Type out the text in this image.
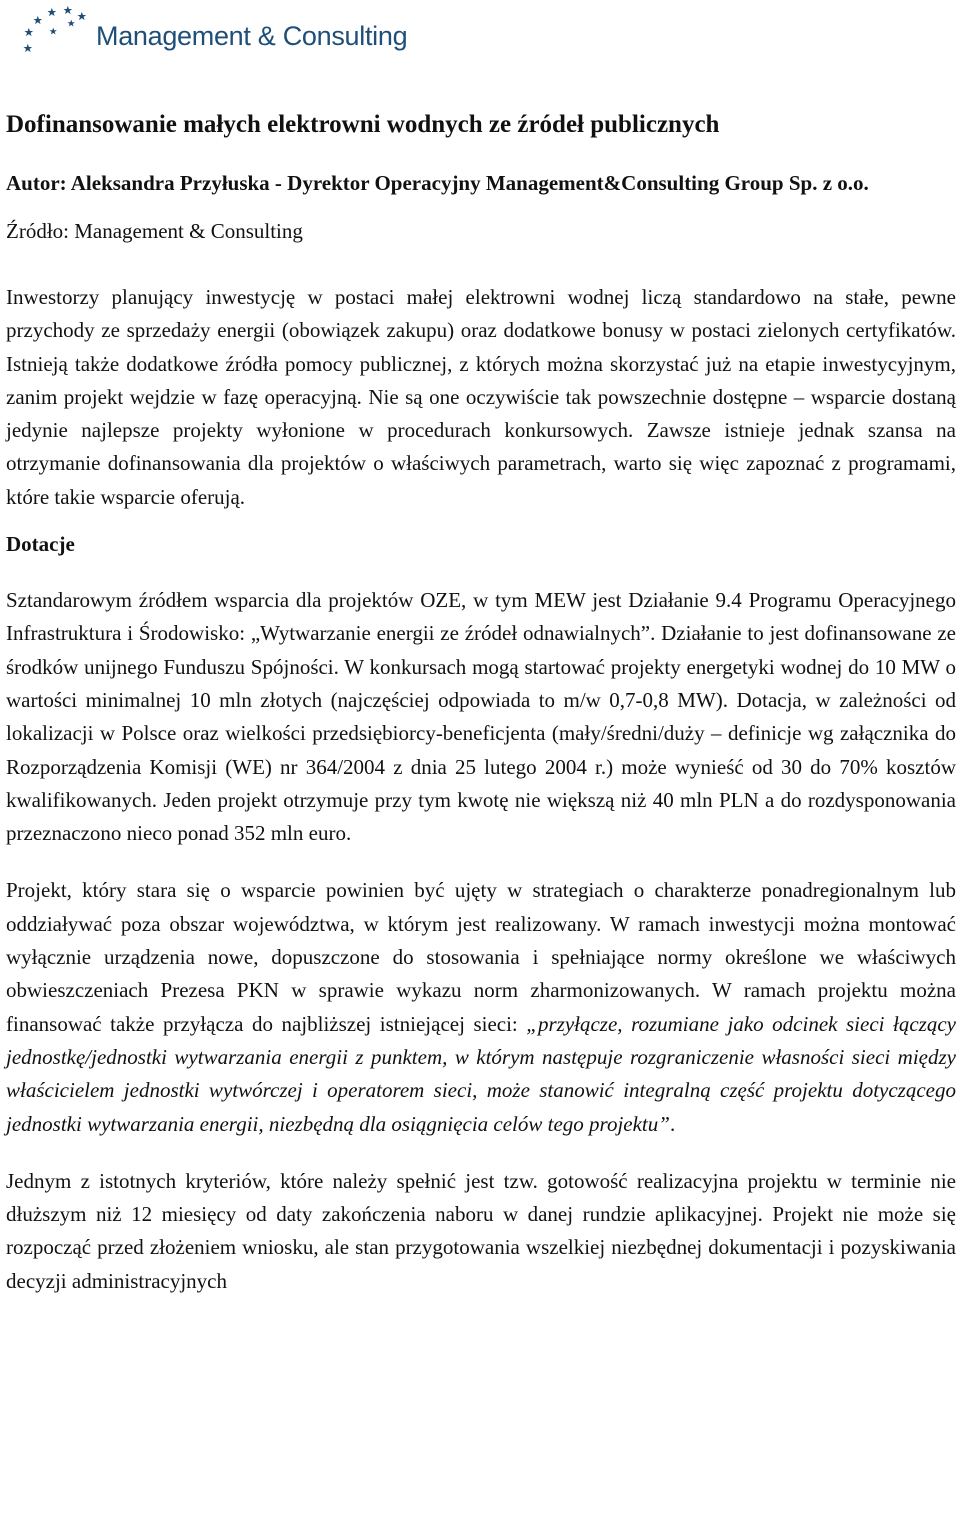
Management & Consulting
Dofinansowanie małych elektrowni wodnych ze źródeł publicznych
Autor: Aleksandra Przyłuska - Dyrektor Operacyjny Management&Consulting Group Sp. z o.o.
Źródło: Management & Consulting

Inwestorzy planujący inwestycję w postaci małej elektrowni wodnej liczą standardowo na stałe, pewne przychody ze sprzedaży energii (obowiązek zakupu) oraz dodatkowe bonusy w postaci zielonych certyfikatów. Istnieją także dodatkowe źródła pomocy publicznej, z których można skorzystać już na etapie inwestycyjnym, zanim projekt wejdzie w fazę operacyjną. Nie są one oczywiście tak powszechnie dostępne – wsparcie dostaną jedynie najlepsze projekty wyłonione w procedurach konkursowych. Zawsze istnieje jednak szansa na otrzymanie dofinansowania dla projektów o właściwych parametrach, warto się więc zapoznać z programami, które takie wsparcie oferują.

Dotacje

Sztandarowym źródłem wsparcia dla projektów OZE, w tym MEW jest Działanie 9.4 Programu Operacyjnego Infrastruktura i Środowisko: „Wytwarzanie energii ze źródeł odnawialnych”. Działanie to jest dofinansowane ze środków unijnego Funduszu Spójności. W konkursach mogą startować projekty energetyki wodnej do 10 MW o wartości minimalnej 10 mln złotych (najczęściej odpowiada to m/w 0,7-0,8 MW). Dotacja, w zależności od lokalizacji w Polsce oraz wielkości przedsiębiorcy-beneficjenta (mały/średni/duży – definicje wg załącznika do Rozporządzenia Komisji (WE) nr 364/2004 z dnia 25 lutego 2004 r.) może wynieść od 30 do 70% kosztów kwalifikowanych. Jeden projekt otrzymuje przy tym kwotę nie większą niż 40 mln PLN a do rozdysponowania przeznaczono nieco ponad 352 mln euro.

Projekt, który stara się o wsparcie powinien być ujęty w strategiach o charakterze ponadregionalnym lub oddziaływać poza obszar województwa, w którym jest realizowany. W ramach inwestycji można montować wyłącznie urządzenia nowe, dopuszczone do stosowania i spełniające normy określone we właściwych obwieszczeniach Prezesa PKN w sprawie wykazu norm zharmonizowanych. W ramach projektu można finansować także przyłącza do najbliższej istniejącej sieci: „przyłącze, rozumiane jako odcinek sieci łączący jednostkę/jednostki wytwarzania energii z punktem, w którym następuje rozgraniczenie własności sieci między właścicielem jednostki wytwórczej i operatorem sieci, może stanowić integralną część projektu dotyczącego jednostki wytwarzania energii, niezbędną dla osiągnięcia celów tego projektu”.

Jednym z istotnych kryteriów, które należy spełnić jest tzw. gotowość realizacyjna projektu w terminie nie dłuższym niż 12 miesięcy od daty zakończenia naboru w danej rundzie aplikacyjnej. Projekt nie może się rozpocząć przed złożeniem wniosku, ale stan przygotowania wszelkiej niezbędnej dokumentacji i pozyskiwania decyzji administracyjnych
